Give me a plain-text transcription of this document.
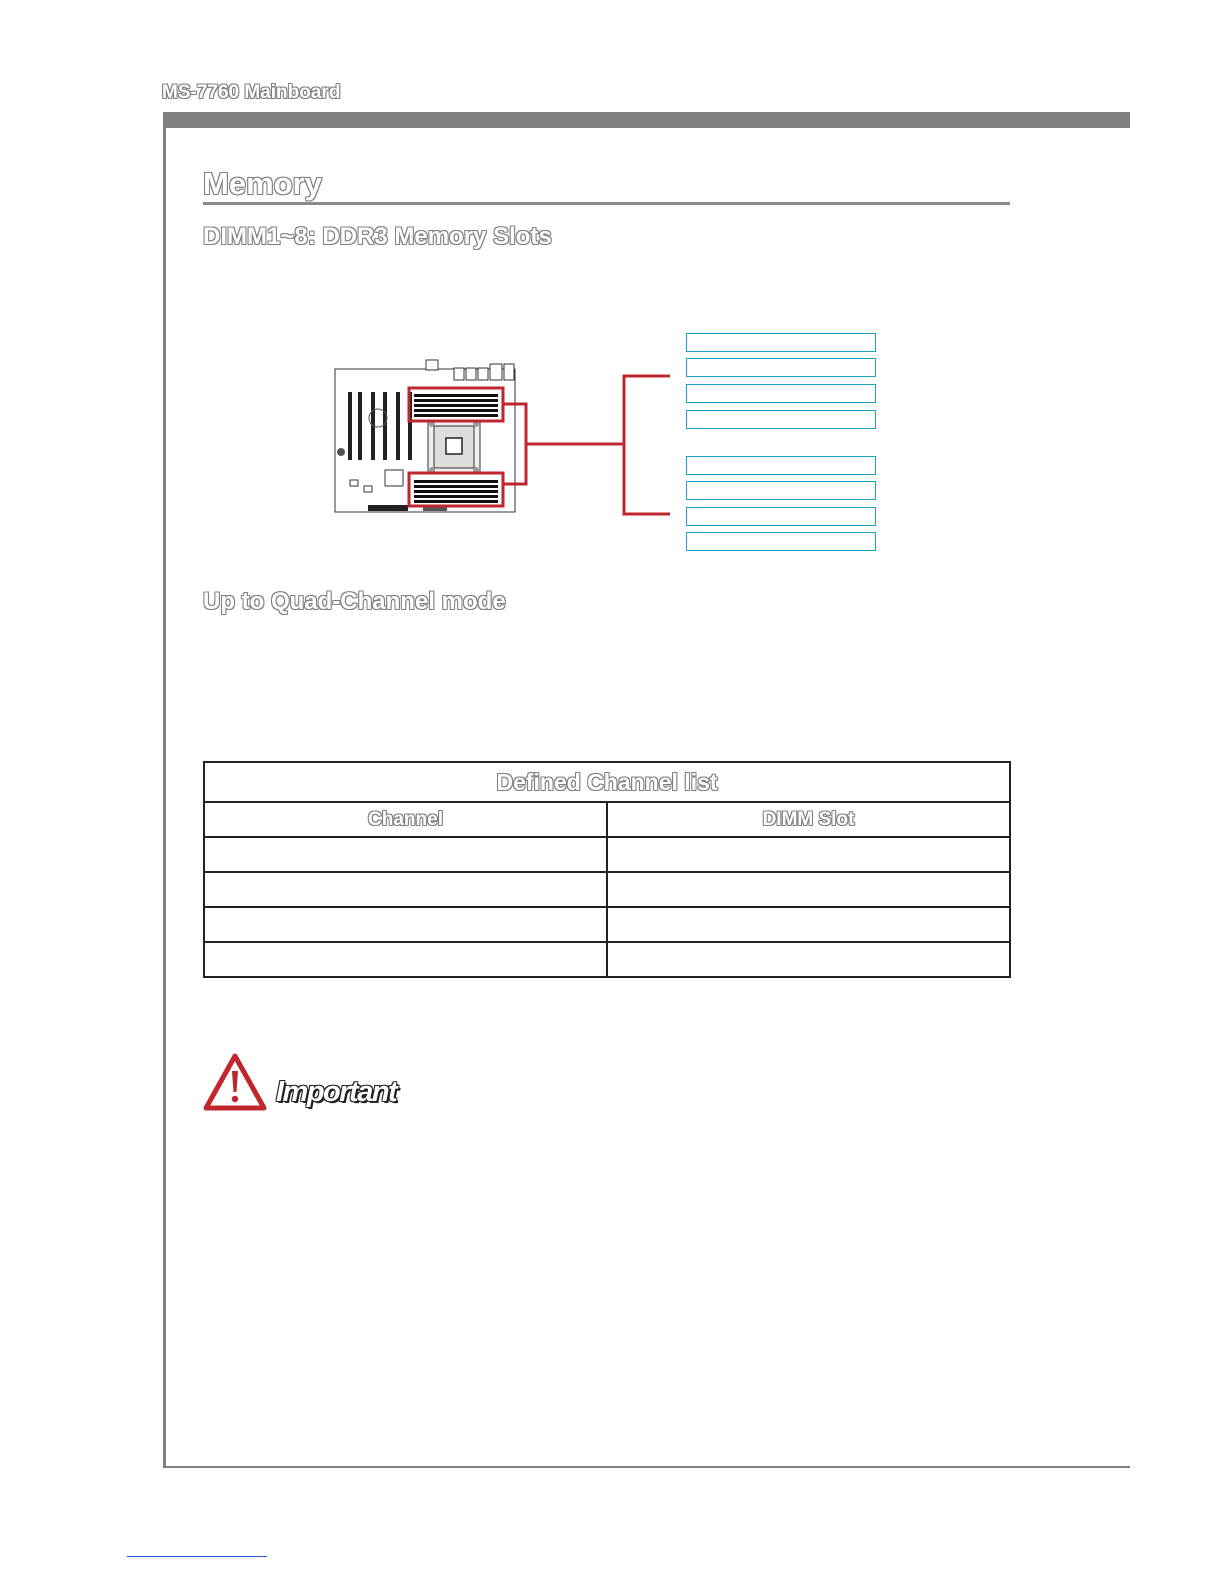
MS-7760 Mainboard
Memory
DIMM1~8: DDR3 Memory Slots
Up to Quad-Channel mode
Defined Channel list	
Channel	DIMM Slot

Important
